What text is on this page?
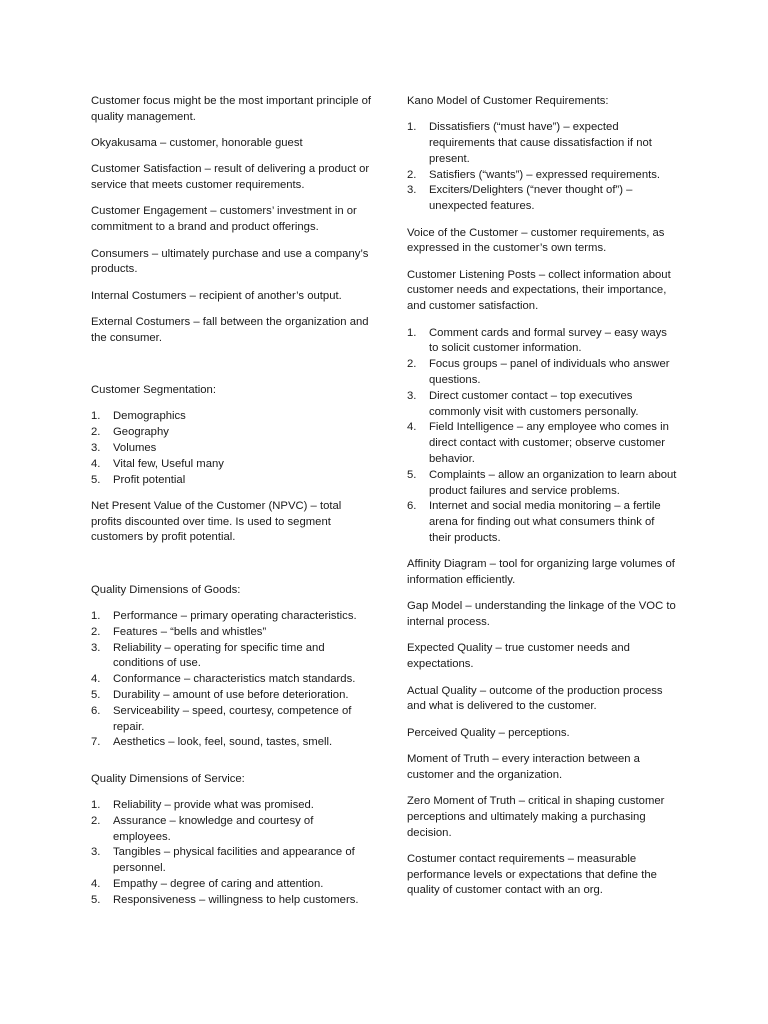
Customer focus might be the most important principle of quality management.

Okyakusama – customer, honorable guest

Customer Satisfaction – result of delivering a product or service that meets customer requirements.

Customer Engagement – customers’ investment in or commitment to a brand and product offerings.

Consumers – ultimately purchase and use a company’s products.

Internal Costumers – recipient of another’s output.

External Costumers – fall between the organization and the consumer.

Customer Segmentation:

1. Demographics
2. Geography
3. Volumes
4. Vital few, Useful many
5. Profit potential

Net Present Value of the Customer (NPVC) – total profits discounted over time. Is used to segment customers by profit potential.

Quality Dimensions of Goods:

1. Performance – primary operating characteristics.
2. Features – “bells and whistles”
3. Reliability – operating for specific time and conditions of use.
4. Conformance – characteristics match standards.
5. Durability – amount of use before deterioration.
6. Serviceability – speed, courtesy, competence of repair.
7. Aesthetics – look, feel, sound, tastes, smell.

Quality Dimensions of Service:

1. Reliability – provide what was promised.
2. Assurance – knowledge and courtesy of employees.
3. Tangibles – physical facilities and appearance of personnel.
4. Empathy – degree of caring and attention.
5. Responsiveness – willingness to help customers.

Kano Model of Customer Requirements:

1. Dissatisfiers (“must have”) – expected requirements that cause dissatisfaction if not present.
2. Satisfiers (“wants”) – expressed requirements.
3. Exciters/Delighters (“never thought of”) – unexpected features.

Voice of the Customer – customer requirements, as expressed in the customer’s own terms.

Customer Listening Posts – collect information about customer needs and expectations, their importance, and customer satisfaction.

1. Comment cards and formal survey – easy ways to solicit customer information.
2. Focus groups – panel of individuals who answer questions.
3. Direct customer contact – top executives commonly visit with customers personally.
4. Field Intelligence – any employee who comes in direct contact with customer; observe customer behavior.
5. Complaints – allow an organization to learn about product failures and service problems.
6. Internet and social media monitoring – a fertile arena for finding out what consumers think of their products.

Affinity Diagram – tool for organizing large volumes of information efficiently.

Gap Model – understanding the linkage of the VOC to internal process.

Expected Quality – true customer needs and expectations.

Actual Quality – outcome of the production process and what is delivered to the customer.

Perceived Quality – perceptions.

Moment of Truth – every interaction between a customer and the organization.

Zero Moment of Truth – critical in shaping customer perceptions and ultimately making a purchasing decision.

Costumer contact requirements – measurable performance levels or expectations that define the quality of customer contact with an org.
